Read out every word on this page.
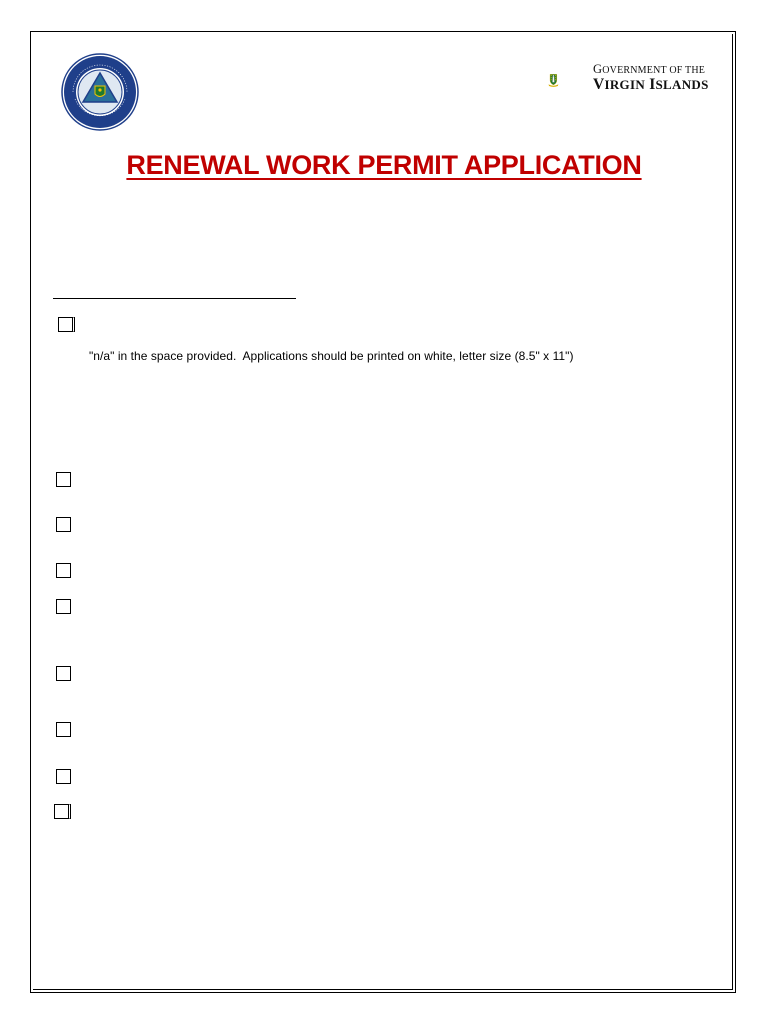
GOVERNMENT OF THE
VIRGIN ISLANDS
RENEWAL WORK PERMIT APPLICATION
"n/a" in the space provided.  Applications should be printed on white, letter size (8.5" x 11")
